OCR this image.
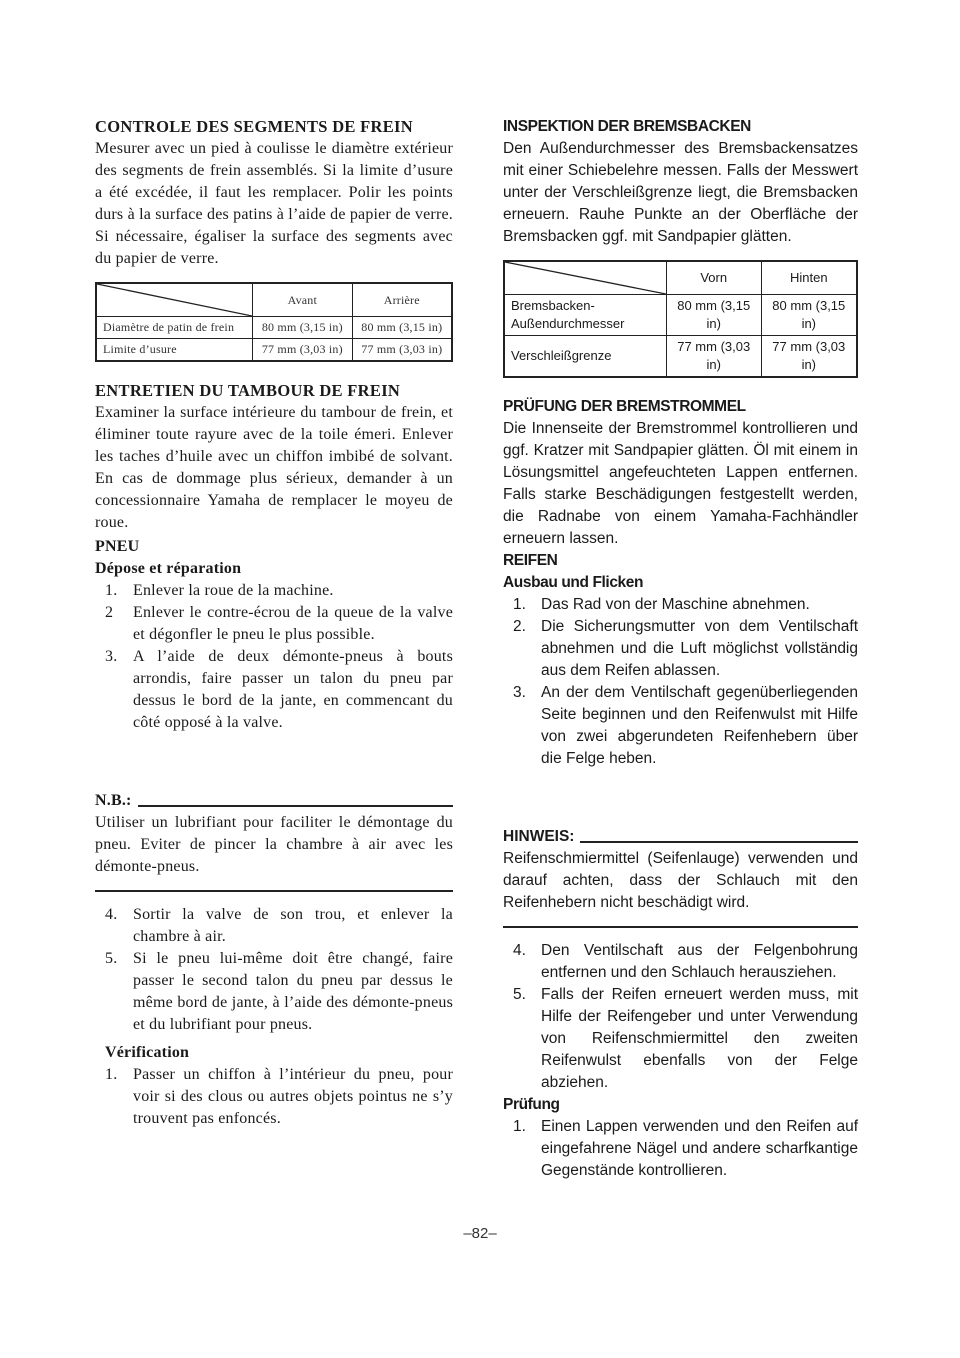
CONTROLE DES SEGMENTS DE FREIN

Mesurer avec un pied à coulisse le diamètre extérieur des segments de frein assemblés. Si la limite d’usure a été excédée, il faut les remplacer. Polir les points durs à la surface des patins à l’aide de papier de verre. Si nécessaire, égaliser la surface des segments avec du papier de verre.

	Avant	Arrière
Diamètre de patin de frein	80 mm (3,15 in)	80 mm (3,15 in)
Limite d’usure	77 mm (3,03 in)	77 mm (3,03 in)

ENTRETIEN DU TAMBOUR DE FREIN

Examiner la surface intérieure du tambour de frein, et éliminer toute rayure avec de la toile émeri. Enlever les taches d’huile avec un chiffon imbibé de solvant. En cas de dommage plus sérieux, demander à un concessionnaire Yamaha de remplacer le moyeu de roue.

PNEU

Dépose et réparation

1. Enlever la roue de la machine.
2	Enlever le contre-écrou de la queue de la valve et dégonfler le pneu le plus possible.
3. A l’aide de deux démonte-pneus à bouts arrondis, faire passer un talon du pneu par dessus le bord de la jante, en commencant du côté opposé à la valve.
N.B.:

Utiliser un lubrifiant pour faciliter le démontage du pneu. Eviter de pincer la chambre à air avec les démonte-pneus.

4. Sortir la valve de son trou, et enlever la chambre à air.
5. Si le pneu lui-même doit être changé, faire passer le second talon du pneu par dessus le même bord de jante, à l’aide des démonte-pneus et du lubrifiant pour pneus.

Vérification

1. Passer un chiffon à l’intérieur du pneu, pour voir si des clous ou autres objets pointus ne s’y trouvent pas enfoncés.

INSPEKTION DER BREMSBACKEN

Den Außendurchmesser des Bremsbackensatzes mit einer Schiebelehre messen. Falls der Messwert unter der Verschleißgrenze liegt, die Bremsbacken erneuern. Rauhe Punkte an der Oberfläche der Bremsbacken ggf. mit Sandpapier glätten.

	Vorn	Hinten
Bremsbacken-Außendurchmesser	80 mm (3,15 in)	80 mm (3,15 in)
Verschleißgrenze	77 mm (3,03 in)	77 mm (3,03 in)

PRÜFUNG DER BREMSTROMMEL

Die Innenseite der Bremstrommel kontrollieren und ggf. Kratzer mit Sandpapier glätten. Öl mit einem in Lösungsmittel angefeuchteten Lappen entfernen. Falls starke Beschädigungen festgestellt werden, die Radnabe von einem Yamaha-Fachhändler erneuern lassen.

REIFEN

Ausbau und Flicken

1. Das Rad von der Maschine abnehmen.
2. Die Sicherungsmutter von dem Ventilschaft abnehmen und die Luft möglichst vollständig aus dem Reifen ablassen.
3. An der dem Ventilschaft gegenüberliegenden Seite beginnen und den Reifenwulst mit Hilfe von zwei abgerundeten Reifenhebern über die Felge heben.
HINWEIS:

Reifenschmiermittel (Seifenlauge) verwenden und darauf achten, dass der Schlauch mit den Reifenhebern nicht beschädigt wird.

4. Den Ventilschaft aus der Felgenbohrung entfernen und den Schlauch herausziehen.
5. Falls der Reifen erneuert werden muss, mit Hilfe der Reifengeber und unter Verwendung von Reifenschmiermittel den zweiten Reifenwulst ebenfalls von der Felge abziehen.

Prüfung

1. Einen Lappen verwenden und den Reifen auf eingefahrene Nägel und andere scharfkantige Gegenstände kontrollieren.
–82–
